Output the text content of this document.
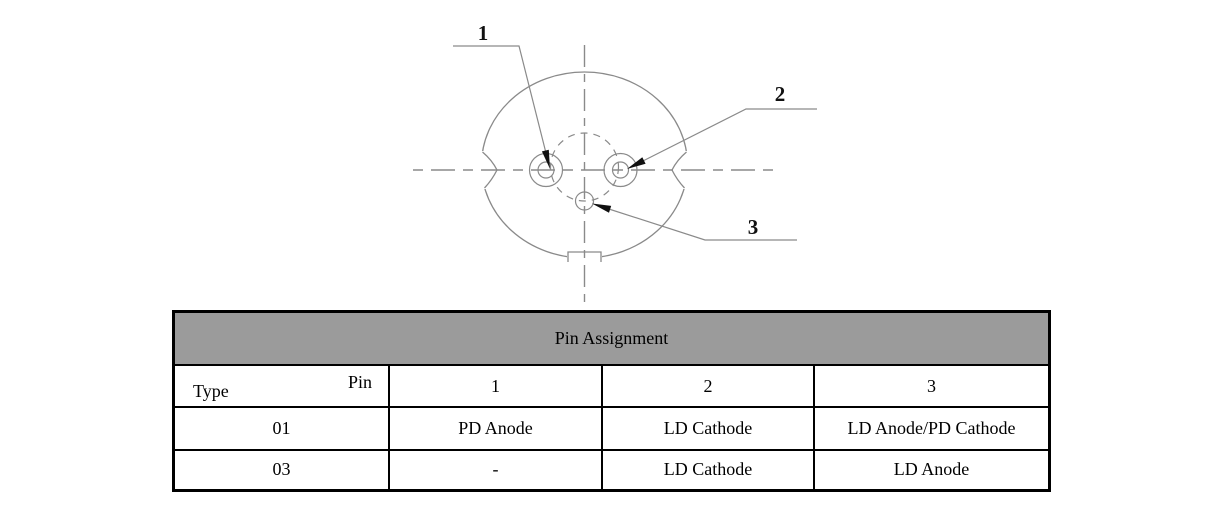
1
2
3
Pin Assignment			

Type Pin	1	2	3
01	PD Anode	LD Cathode	LD Anode/PD Cathode
03	-	LD Cathode	LD Anode
